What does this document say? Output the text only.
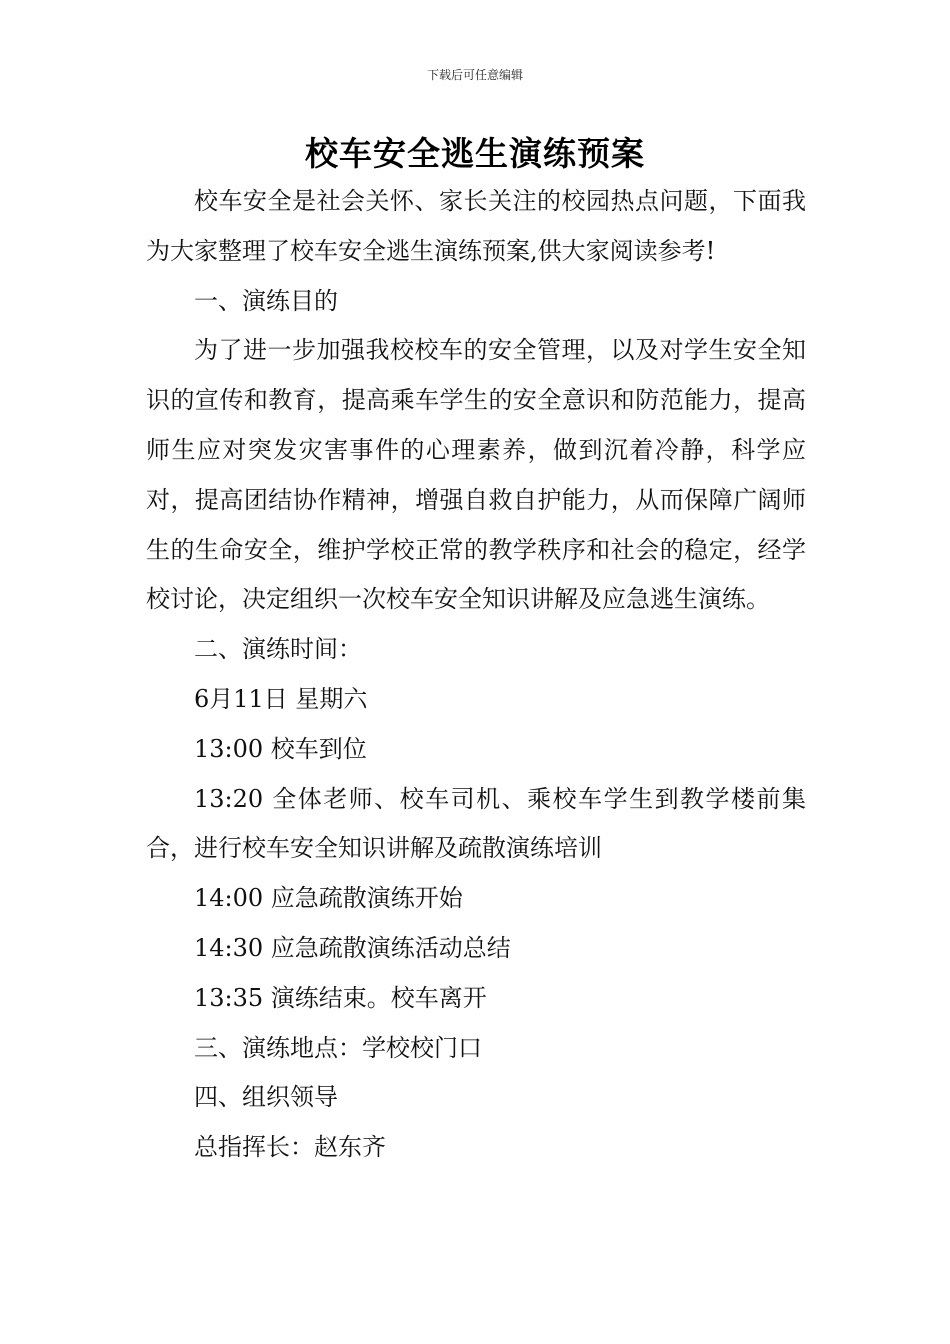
下载后可任意编辑
校车安全逃生演练预案

校车安全是社会关怀、家长关注的校园热点问题，下面我为大家整理了校车安全逃生演练预案,供大家阅读参考!

一、演练目的

为了进一步加强我校校车的安全管理，以及对学生安全知识的宣传和教育，提高乘车学生的安全意识和防范能力，提高师生应对突发灾害事件的心理素养，做到沉着冷静，科学应对，提高团结协作精神，增强自救自护能力，从而保障广阔师生的生命安全，维护学校正常的教学秩序和社会的稳定，经学校讨论，决定组织一次校车安全知识讲解及应急逃生演练。

二、演练时间：

6月11日 星期六

13:00 校车到位

13:20 全体老师、校车司机、乘校车学生到教学楼前集合，进行校车安全知识讲解及疏散演练培训

14:00 应急疏散演练开始

14:30 应急疏散演练活动总结

13:35 演练结束。校车离开

三、演练地点：学校校门口

四、组织领导

总指挥长：赵东齐
